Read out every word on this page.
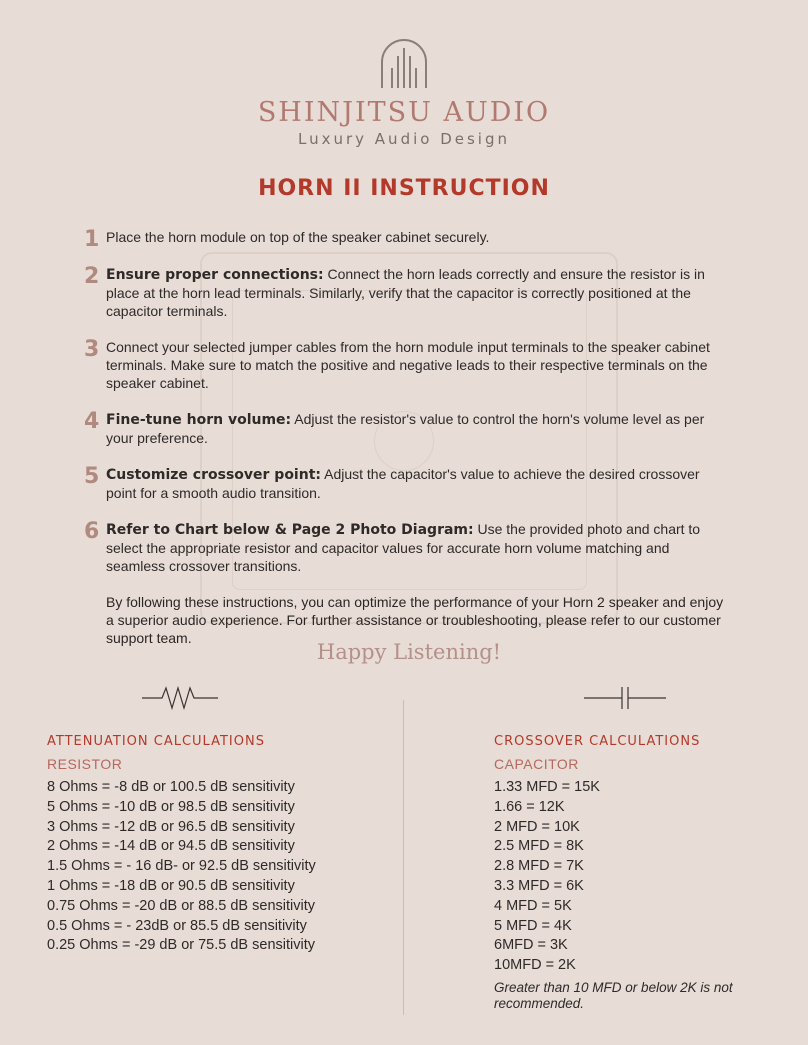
SHINJITSU AUDIO
Luxury Audio Design
HORN II INSTRUCTION
1 Place the horn module on top of the speaker cabinet securely.
2 Ensure proper connections: Connect the horn leads correctly and ensure the resistor is in place at the horn lead terminals. Similarly, verify that the capacitor is correctly positioned at the capacitor terminals.
3 Connect your selected jumper cables from the horn module input terminals to the speaker cabinet terminals. Make sure to match the positive and negative leads to their respective terminals on the speaker cabinet.
4 Fine-tune horn volume: Adjust the resistor's value to control the horn's volume level as per your preference.
5 Customize crossover point: Adjust the capacitor's value to achieve the desired crossover point for a smooth audio transition.
6 Refer to Chart below & Page 2 Photo Diagram: Use the provided photo and chart to select the appropriate resistor and capacitor values for accurate horn volume matching and seamless crossover transitions.
By following these instructions, you can optimize the performance of your Horn 2 speaker and enjoy a superior audio experience. For further assistance or troubleshooting, please refer to our customer support team.
Happy Listening!
ATTENUATION CALCULATIONS
RESISTOR
8 Ohms = -8 dB or 100.5 dB sensitivity
5 Ohms = -10 dB or 98.5 dB sensitivity
3 Ohms = -12 dB or 96.5 dB sensitivity
2 Ohms = -14 dB or 94.5 dB sensitivity
1.5 Ohms = - 16 dB- or 92.5 dB sensitivity
1 Ohms = -18 dB or 90.5 dB sensitivity
0.75 Ohms = -20 dB or 88.5 dB sensitivity
0.5 Ohms = - 23dB or 85.5 dB sensitivity
0.25 Ohms = -29 dB or 75.5 dB sensitivity
CROSSOVER CALCULATIONS
CAPACITOR
1.33 MFD = 15K
1.66 = 12K
2 MFD = 10K
2.5 MFD = 8K
2.8 MFD = 7K
3.3 MFD = 6K
4 MFD = 5K
5 MFD = 4K
6MFD = 3K
10MFD = 2K
Greater than 10 MFD or below 2K is not recommended.
